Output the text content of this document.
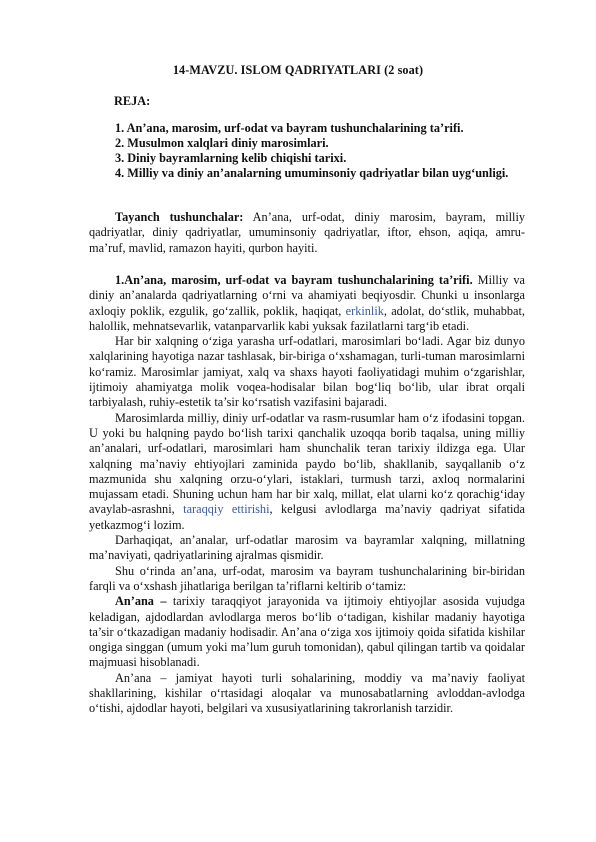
14-MAVZU. ISLOM QADRIYATLARI (2 soat)
REJA:

1. An’ana, marosim, urf-odat va bayram tushunchalarining ta’rifi.

2. Musulmon xalqlari diniy marosimlari.

3. Diniy bayramlarning kelib chiqishi tarixi.

4. Milliy va diniy an’analarning umuminsoniy qadriyatlar bilan uyg‘unligi.

Tayanch tushunchalar: An’ana, urf-odat, diniy marosim, bayram, milliy qadriyatlar, diniy qadriyatlar, umuminsoniy qadriyatlar, iftor, ehson, aqiqa, amru-ma’ruf, mavlid, ramazon hayiti, qurbon hayiti.

1.An’ana, marosim, urf-odat va bayram tushunchalarining ta’rifi. Milliy va diniy an’analarda qadriyatlarning o‘rni va ahamiyati beqiyosdir. Chunki u insonlarga axloqiy poklik, ezgulik, go‘zallik, poklik, haqiqat, erkinlik, adolat, do‘stlik, muhabbat, halollik, mehnatsevarlik, vatanparvarlik kabi yuksak fazilatlarni targ‘ib etadi.

Har bir xalqning o‘ziga yarasha urf-odatlari, marosimlari bo‘ladi. Agar biz dunyo xalqlarining hayotiga nazar tashlasak, bir-biriga o‘xshamagan, turli-tuman marosimlarni ko‘ramiz. Marosimlar jamiyat, xalq va shaxs hayoti faoliyatidagi muhim o‘zgarishlar, ijtimoiy ahamiyatga molik voqea-hodisalar bilan bog‘liq bo‘lib, ular ibrat orqali tarbiyalash, ruhiy-estetik ta’sir ko‘rsatish vazifasini bajaradi.

Marosimlarda milliy, diniy urf-odatlar va rasm-rusumlar ham o‘z ifodasini topgan. U yoki bu halqning paydo bo‘lish tarixi qanchalik uzoqqa borib taqalsa, uning milliy an’analari, urf-odatlari, marosimlari ham shunchalik teran tarixiy ildizga ega. Ular xalqning ma’naviy ehtiyojlari zaminida paydo bo‘lib, shakllanib, sayqallanib o‘z mazmunida shu xalqning orzu-o‘ylari, istaklari, turmush tarzi, axloq normalarini mujassam etadi. Shuning uchun ham har bir xalq, millat, elat ularni ko‘z qorachig‘iday avaylab-asrashni, taraqqiy ettirishi, kelgusi avlodlarga ma’naviy qadriyat sifatida yetkazmog‘i lozim.

Darhaqiqat, an’analar, urf-odatlar marosim va bayramlar xalqning, millatning ma’naviyati, qadriyatlarining ajralmas qismidir.

Shu o‘rinda an’ana, urf-odat, marosim va bayram tushunchalarining bir-biridan farqli va o‘xshash jihatlariga berilgan ta’riflarni keltirib o‘tamiz:

An’ana – tarixiy taraqqiyot jarayonida va ijtimoiy ehtiyojlar asosida vujudga keladigan, ajdodlardan avlodlarga meros bo‘lib o‘tadigan, kishilar madaniy hayotiga ta’sir o‘tkazadigan madaniy hodisadir. An’ana o‘ziga xos ijtimoiy qoida sifatida kishilar ongiga singgan (umum yoki ma’lum guruh tomonidan), qabul qilingan tartib va qoidalar majmuasi hisoblanadi.

An’ana – jamiyat hayoti turli sohalarining, moddiy va ma’naviy faoliyat shakllarining, kishilar o‘rtasidagi aloqalar va munosabatlarning avloddan-avlodga o‘tishi, ajdodlar hayoti, belgilari va xususiyatlarining takrorlanish tarzidir.
